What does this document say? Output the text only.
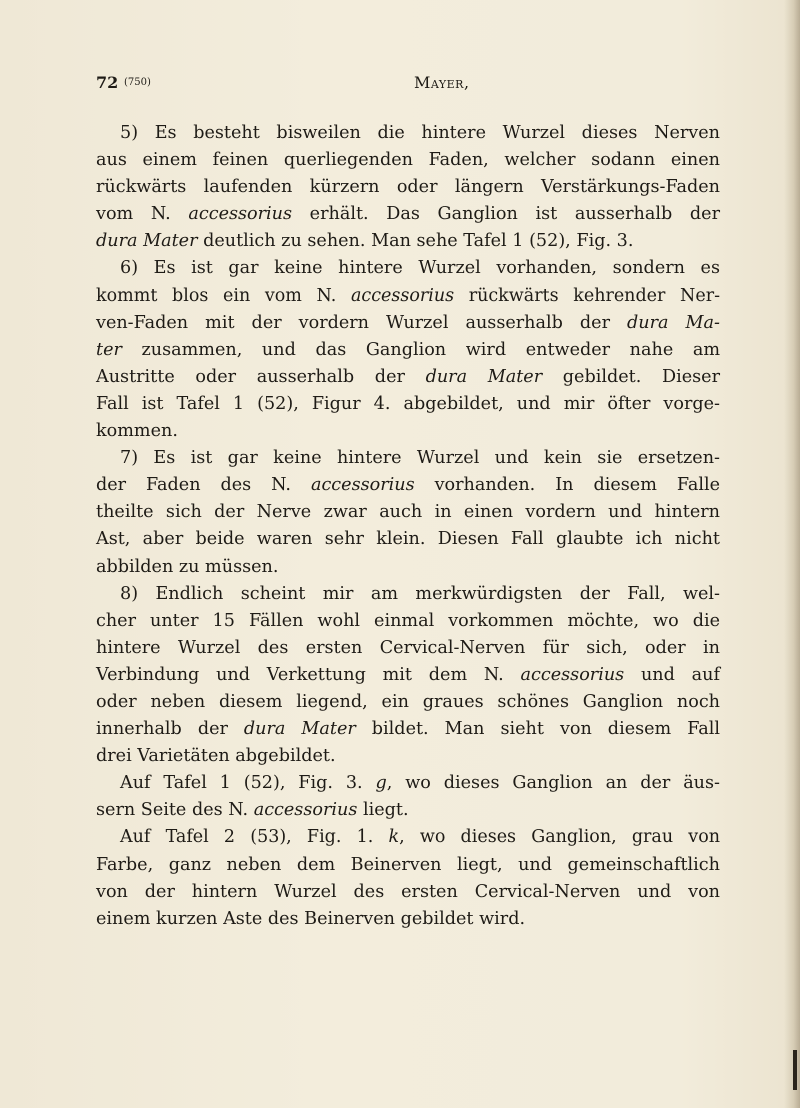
72 (750)	Mayer,
5) Es besteht bisweilen die hintere Wurzel dieses Nerven
aus einem feinen querliegenden Faden, welcher sodann einen
rückwärts laufenden kürzern oder längern Verstärkungs-Faden
vom N. accessorius erhält. Das Ganglion ist ausserhalb der
dura Mater deutlich zu sehen. Man sehe Tafel 1 (52), Fig. 3.
6) Es ist gar keine hintere Wurzel vorhanden, sondern es
kommt blos ein vom N. accessorius rückwärts kehrender Ner-
ven-Faden mit der vordern Wurzel ausserhalb der dura Ma-
ter zusammen, und das Ganglion wird entweder nahe am
Austritte oder ausserhalb der dura Mater gebildet. Dieser
Fall ist Tafel 1 (52), Figur 4. abgebildet, und mir öfter vorge-
kommen.
7) Es ist gar keine hintere Wurzel und kein sie ersetzen-
der Faden des N. accessorius vorhanden. In diesem Falle
theilte sich der Nerve zwar auch in einen vordern und hintern
Ast, aber beide waren sehr klein. Diesen Fall glaubte ich nicht
abbilden zu müssen.
8) Endlich scheint mir am merkwürdigsten der Fall, wel-
cher unter 15 Fällen wohl einmal vorkommen möchte, wo die
hintere Wurzel des ersten Cervical-Nerven für sich, oder in
Verbindung und Verkettung mit dem N. accessorius und auf
oder neben diesem liegend, ein graues schönes Ganglion noch
innerhalb der dura Mater bildet. Man sieht von diesem Fall
drei Varietäten abgebildet.
Auf Tafel 1 (52), Fig. 3. g, wo dieses Ganglion an der äus-
sern Seite des N. accessorius liegt.
Auf Tafel 2 (53), Fig. 1. k, wo dieses Ganglion, grau von
Farbe, ganz neben dem Beinerven liegt, und gemeinschaftlich
von der hintern Wurzel des ersten Cervical-Nerven und von
einem kurzen Aste des Beinerven gebildet wird.
